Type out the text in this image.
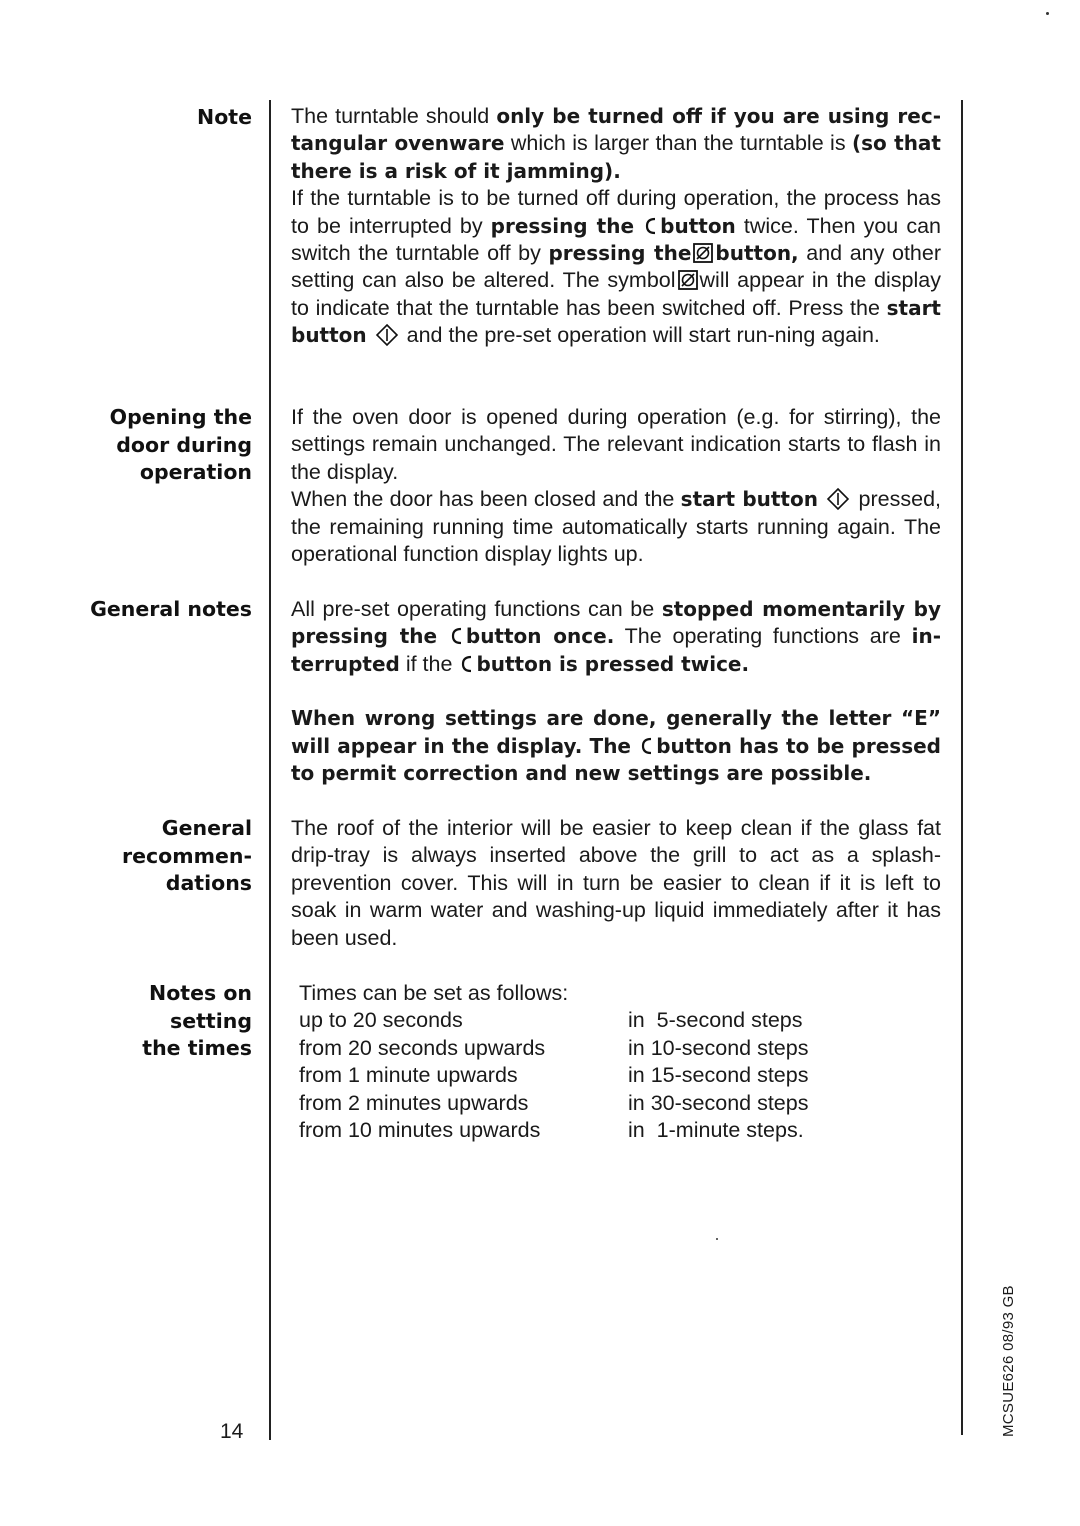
Note The turntable should only be turned off if you are using rec-tangular ovenware which is larger than the turntable is (so that there is a risk of it jamming).

If the turntable is to be turned off during operation, the process has to be interrupted by pressing the button twice. Then you can switch the turntable off by pressing the button, and any other setting can also be altered. The symbol will appear in the display to indicate that the turntable has been switched off. Press the start button  and the pre-set operation will start run-ning again.

Opening the
door during
operation

If the oven door is opened during operation (e.g. for stirring), the settings remain unchanged. The relevant indication starts to flash in the display.

When the door has been closed and the start button  pressed, the remaining running time automatically starts running again. The operational function display lights up.

General notes All pre-set operating functions can be stopped momentarily by pressing the button once. The operating functions are in-terrupted if the button is pressed twice.

When wrong settings are done, generally the letter “E” will appear in the display. The button has to be pressed to permit correction and new settings are possible.

General
recommen-
dations

The roof of the interior will be easier to keep clean if the glass fat drip-tray is always inserted above the grill to act as a splash-prevention cover. This will in turn be easier to clean if it is left to soak in warm water and washing-up liquid immediately after it has been used.

Notes on
setting
the times
Times can be set as follows:
up to 20 seconds	in  5-second steps
from 20 seconds upwards	in 10-second steps
from 1 minute upwards	in 15-second steps
from 2 minutes upwards	in 30-second steps
from 10 minutes upwards	in  1-minute steps.
14	MCSUE626 08/93 GB
